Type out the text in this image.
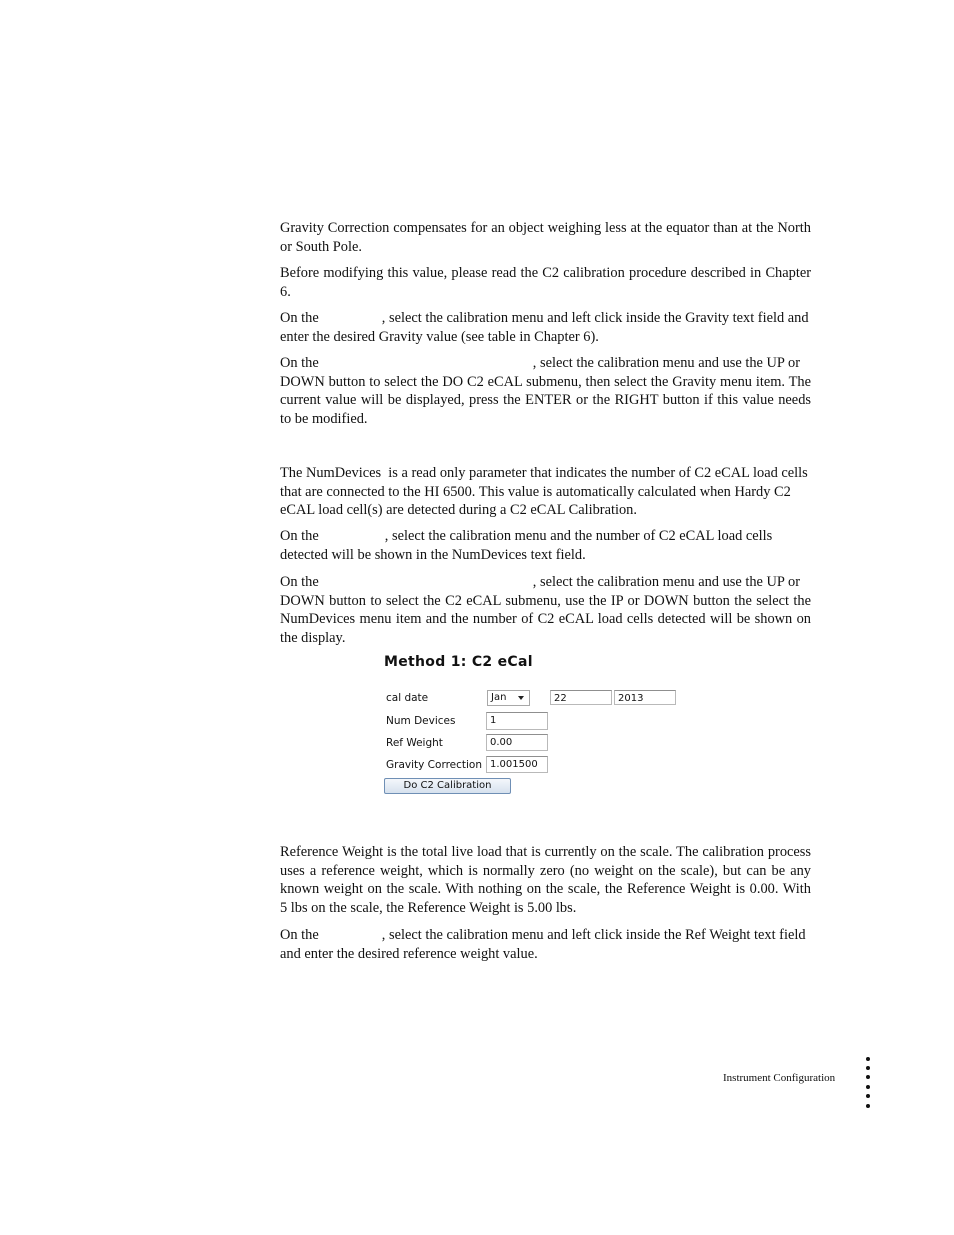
Gravity Correction compensates for an object weighing less at the equator than at the North
or South Pole.

Before modifying this value, please read the C2 calibration procedure described in Chapter
6.

On the	, select the calibration menu and left click inside the Gravity text field and
enter the desired Gravity value (see table in Chapter 6).

On the	, select the calibration menu and use the UP or
DOWN button to select the DO C2 eCAL submenu, then select the Gravity menu item. The
current value will be displayed, press the ENTER or the RIGHT button if this value needs
to be modified.

The NumDevices  is a read only parameter that indicates the number of C2 eCAL load cells
that are connected to the HI 6500. This value is automatically calculated when Hardy C2
eCAL load cell(s) are detected during a C2 eCAL Calibration.

On the	, select the calibration menu and the number of C2 eCAL load cells
detected will be shown in the NumDevices text field.

On the	, select the calibration menu and use the UP or
DOWN button to select the C2 eCAL submenu, use the IP or DOWN button the select the
NumDevices menu item and the number of C2 eCAL load cells detected will be shown on
the display.

Method 1: C2 eCal
cal date	Jan	22	2013
Num Devices	1
Ref Weight	0.00
Gravity Correction 1.001500
Do C2 Calibration

Reference Weight is the total live load that is currently on the scale. The calibration process
uses a reference weight, which is normally zero (no weight on the scale), but can be any
known weight on the scale. With nothing on the scale, the Reference Weight is 0.00. With
5 lbs on the scale, the Reference Weight is 5.00 lbs.

On the	, select the calibration menu and left click inside the Ref Weight text field
and enter the desired reference weight value.

Instrument Configuration
